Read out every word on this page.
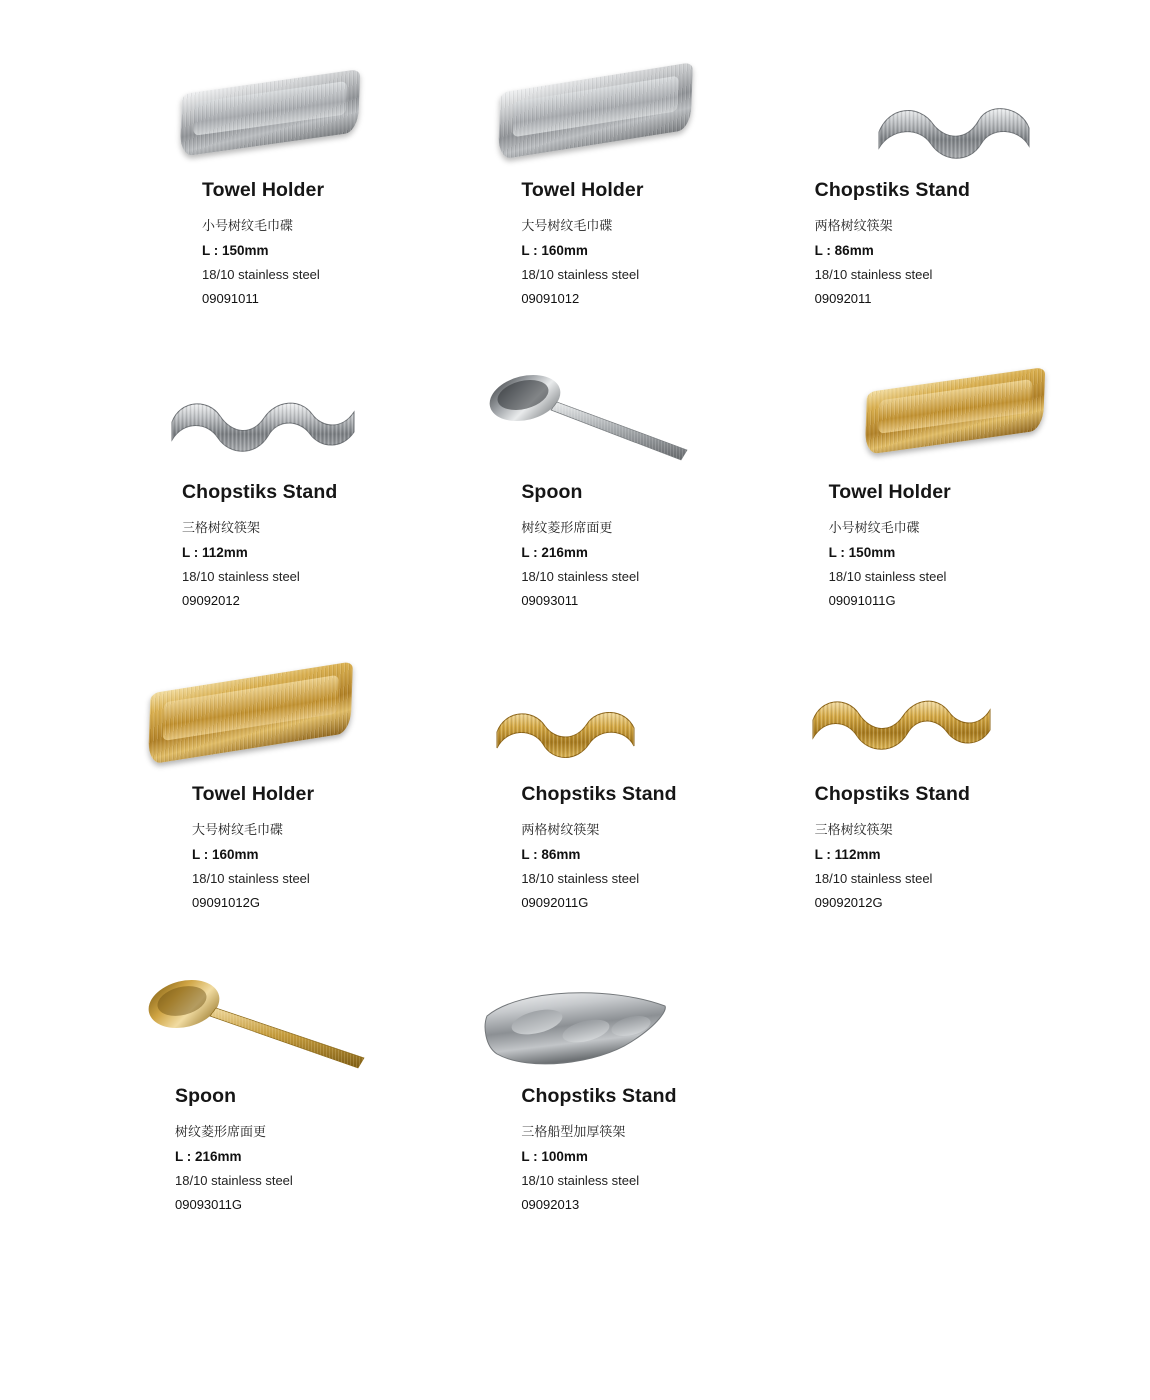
Towel Holder
小号树纹毛巾碟
L : 150mm
18/10 stainless steel
09091011
Towel Holder
大号树纹毛巾碟
L : 160mm
18/10 stainless steel
09091012
Chopstiks Stand
两格树纹筷架
L : 86mm
18/10 stainless steel
09092011
Chopstiks Stand
三格树纹筷架
L : 112mm
18/10 stainless steel
09092012
Spoon
树纹菱形席面更
L : 216mm
18/10 stainless steel
09093011
Towel Holder
小号树纹毛巾碟
L : 150mm
18/10 stainless steel
09091011G
Towel Holder
大号树纹毛巾碟
L : 160mm
18/10 stainless steel
09091012G
Chopstiks Stand
两格树纹筷架
L : 86mm
18/10 stainless steel
09092011G
Chopstiks Stand
三格树纹筷架
L : 112mm
18/10 stainless steel
09092012G
Spoon
树纹菱形席面更
L : 216mm
18/10 stainless steel
09093011G
Chopstiks Stand
三格船型加厚筷架
L : 100mm
18/10 stainless steel
09092013
